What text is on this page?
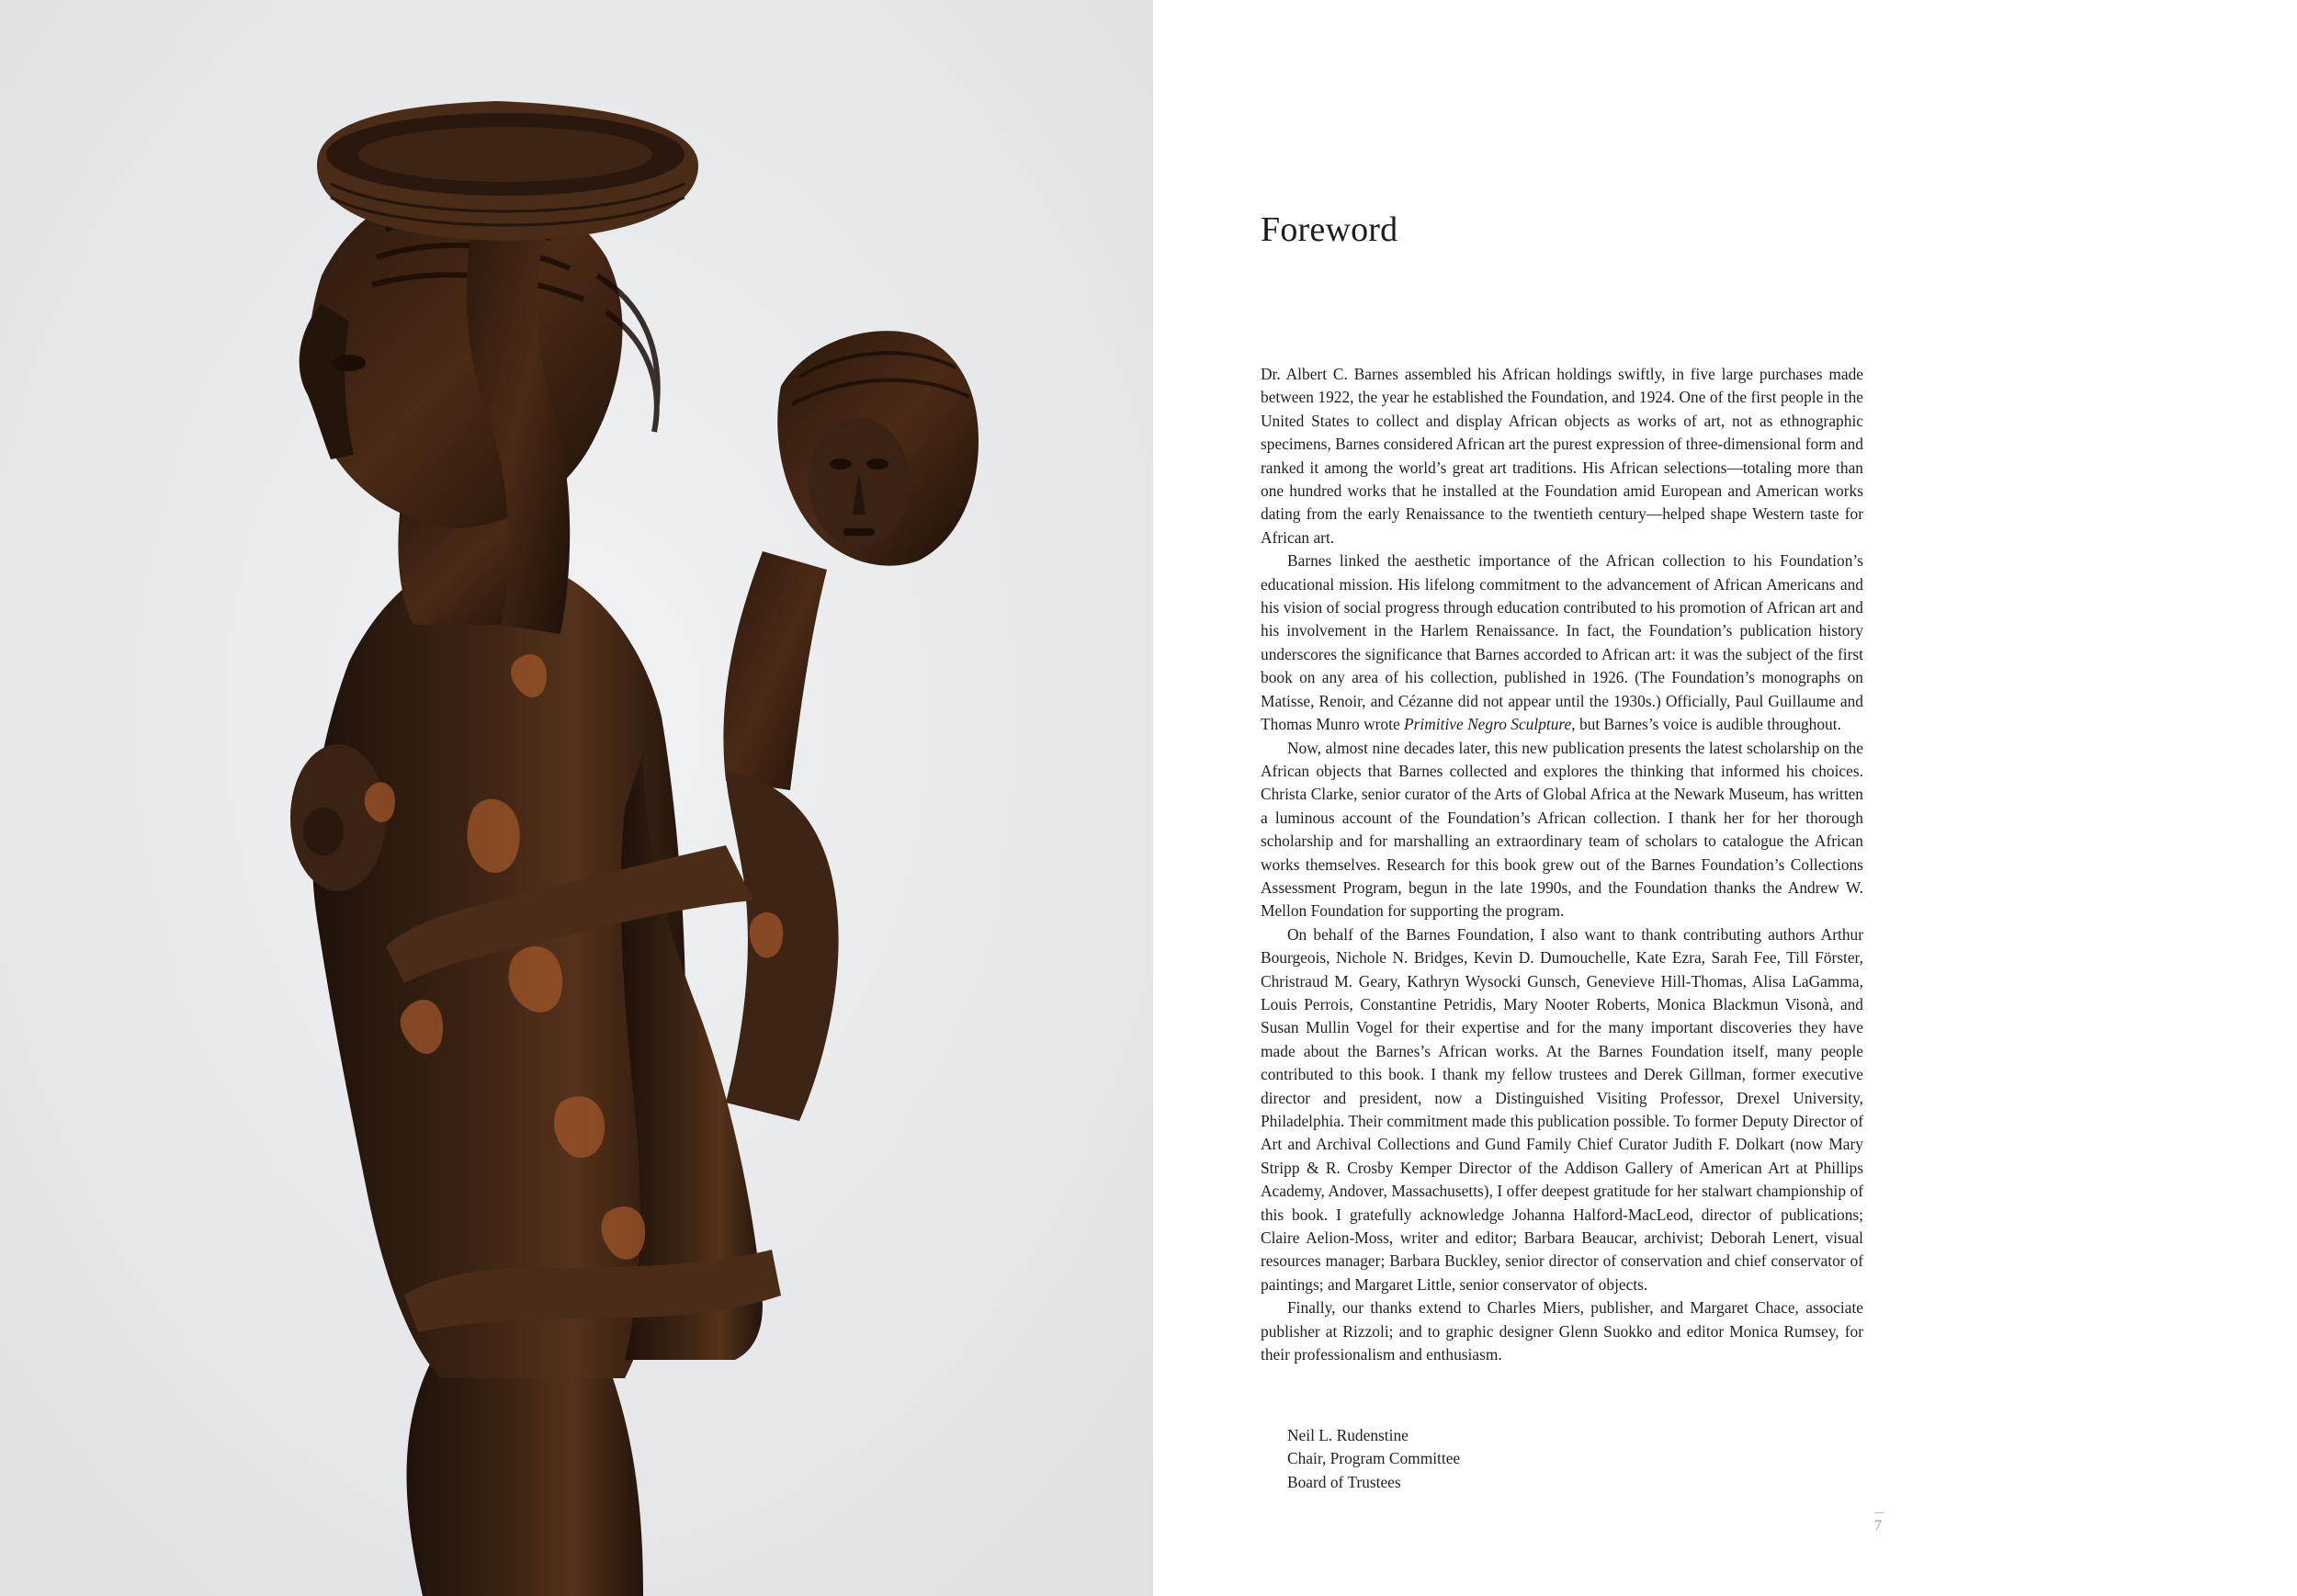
Foreword

Dr. Albert C. Barnes assembled his African holdings swiftly, in five large purchases made between 1922, the year he established the Foundation, and 1924. One of the first people in the United States to collect and display African objects as works of art, not as ethnographic specimens, Barnes considered African art the purest expression of three-dimensional form and ranked it among the world’s great art traditions. His African selections—totaling more than one hundred works that he installed at the Foundation amid European and American works dating from the early Renaissance to the twentieth century—helped shape Western taste for African art.

Barnes linked the aesthetic importance of the African collection to his Foundation’s educational mission. His lifelong commitment to the advancement of African Americans and his vision of social progress through education contributed to his promotion of African art and his involvement in the Harlem Renaissance. In fact, the Foundation’s publication history underscores the significance that Barnes accorded to African art: it was the subject of the first book on any area of his collection, published in 1926. (The Foundation’s monographs on Matisse, Renoir, and Cézanne did not appear until the 1930s.) Officially, Paul Guillaume and Thomas Munro wrote Primitive Negro Sculpture, but Barnes’s voice is audible throughout.

Now, almost nine decades later, this new publication presents the latest scholarship on the African objects that Barnes collected and explores the thinking that informed his choices. Christa Clarke, senior curator of the Arts of Global Africa at the Newark Museum, has written a luminous account of the Foundation’s African collection. I thank her for her thorough scholarship and for marshalling an extraordinary team of scholars to catalogue the African works themselves. Research for this book grew out of the Barnes Foundation’s Collections Assessment Program, begun in the late 1990s, and the Foundation thanks the Andrew W. Mellon Foundation for supporting the program.

On behalf of the Barnes Foundation, I also want to thank contributing authors Arthur Bourgeois, Nichole N. Bridges, Kevin D. Dumouchelle, Kate Ezra, Sarah Fee, Till Förster, Christraud M. Geary, Kathryn Wysocki Gunsch, Genevieve Hill-Thomas, Alisa LaGamma, Louis Perrois, Constantine Petridis, Mary Nooter Roberts, Monica Blackmun Visonà, and Susan Mullin Vogel for their expertise and for the many important discoveries they have made about the Barnes’s African works. At the Barnes Foundation itself, many people contributed to this book. I thank my fellow trustees and Derek Gillman, former executive director and president, now a Distinguished Visiting Professor, Drexel University, Philadelphia. Their commitment made this publication possible. To former Deputy Director of Art and Archival Collections and Gund Family Chief Curator Judith F. Dolkart (now Mary Stripp & R. Crosby Kemper Director of the Addison Gallery of American Art at Phillips Academy, Andover, Massachusetts), I offer deepest gratitude for her stalwart championship of this book. I gratefully acknowledge Johanna Halford-MacLeod, director of publications; Claire Aelion-Moss, writer and editor; Barbara Beaucar, archivist; Deborah Lenert, visual resources manager; Barbara Buckley, senior director of conservation and chief conservator of paintings; and Margaret Little, senior conservator of objects.

Finally, our thanks extend to Charles Miers, publisher, and Margaret Chace, associate publisher at Rizzoli; and to graphic designer Glenn Suokko and editor Monica Rumsey, for their professionalism and enthusiasm.

Neil L. Rudenstine
Chair, Program Committee
Board of Trustees
7
